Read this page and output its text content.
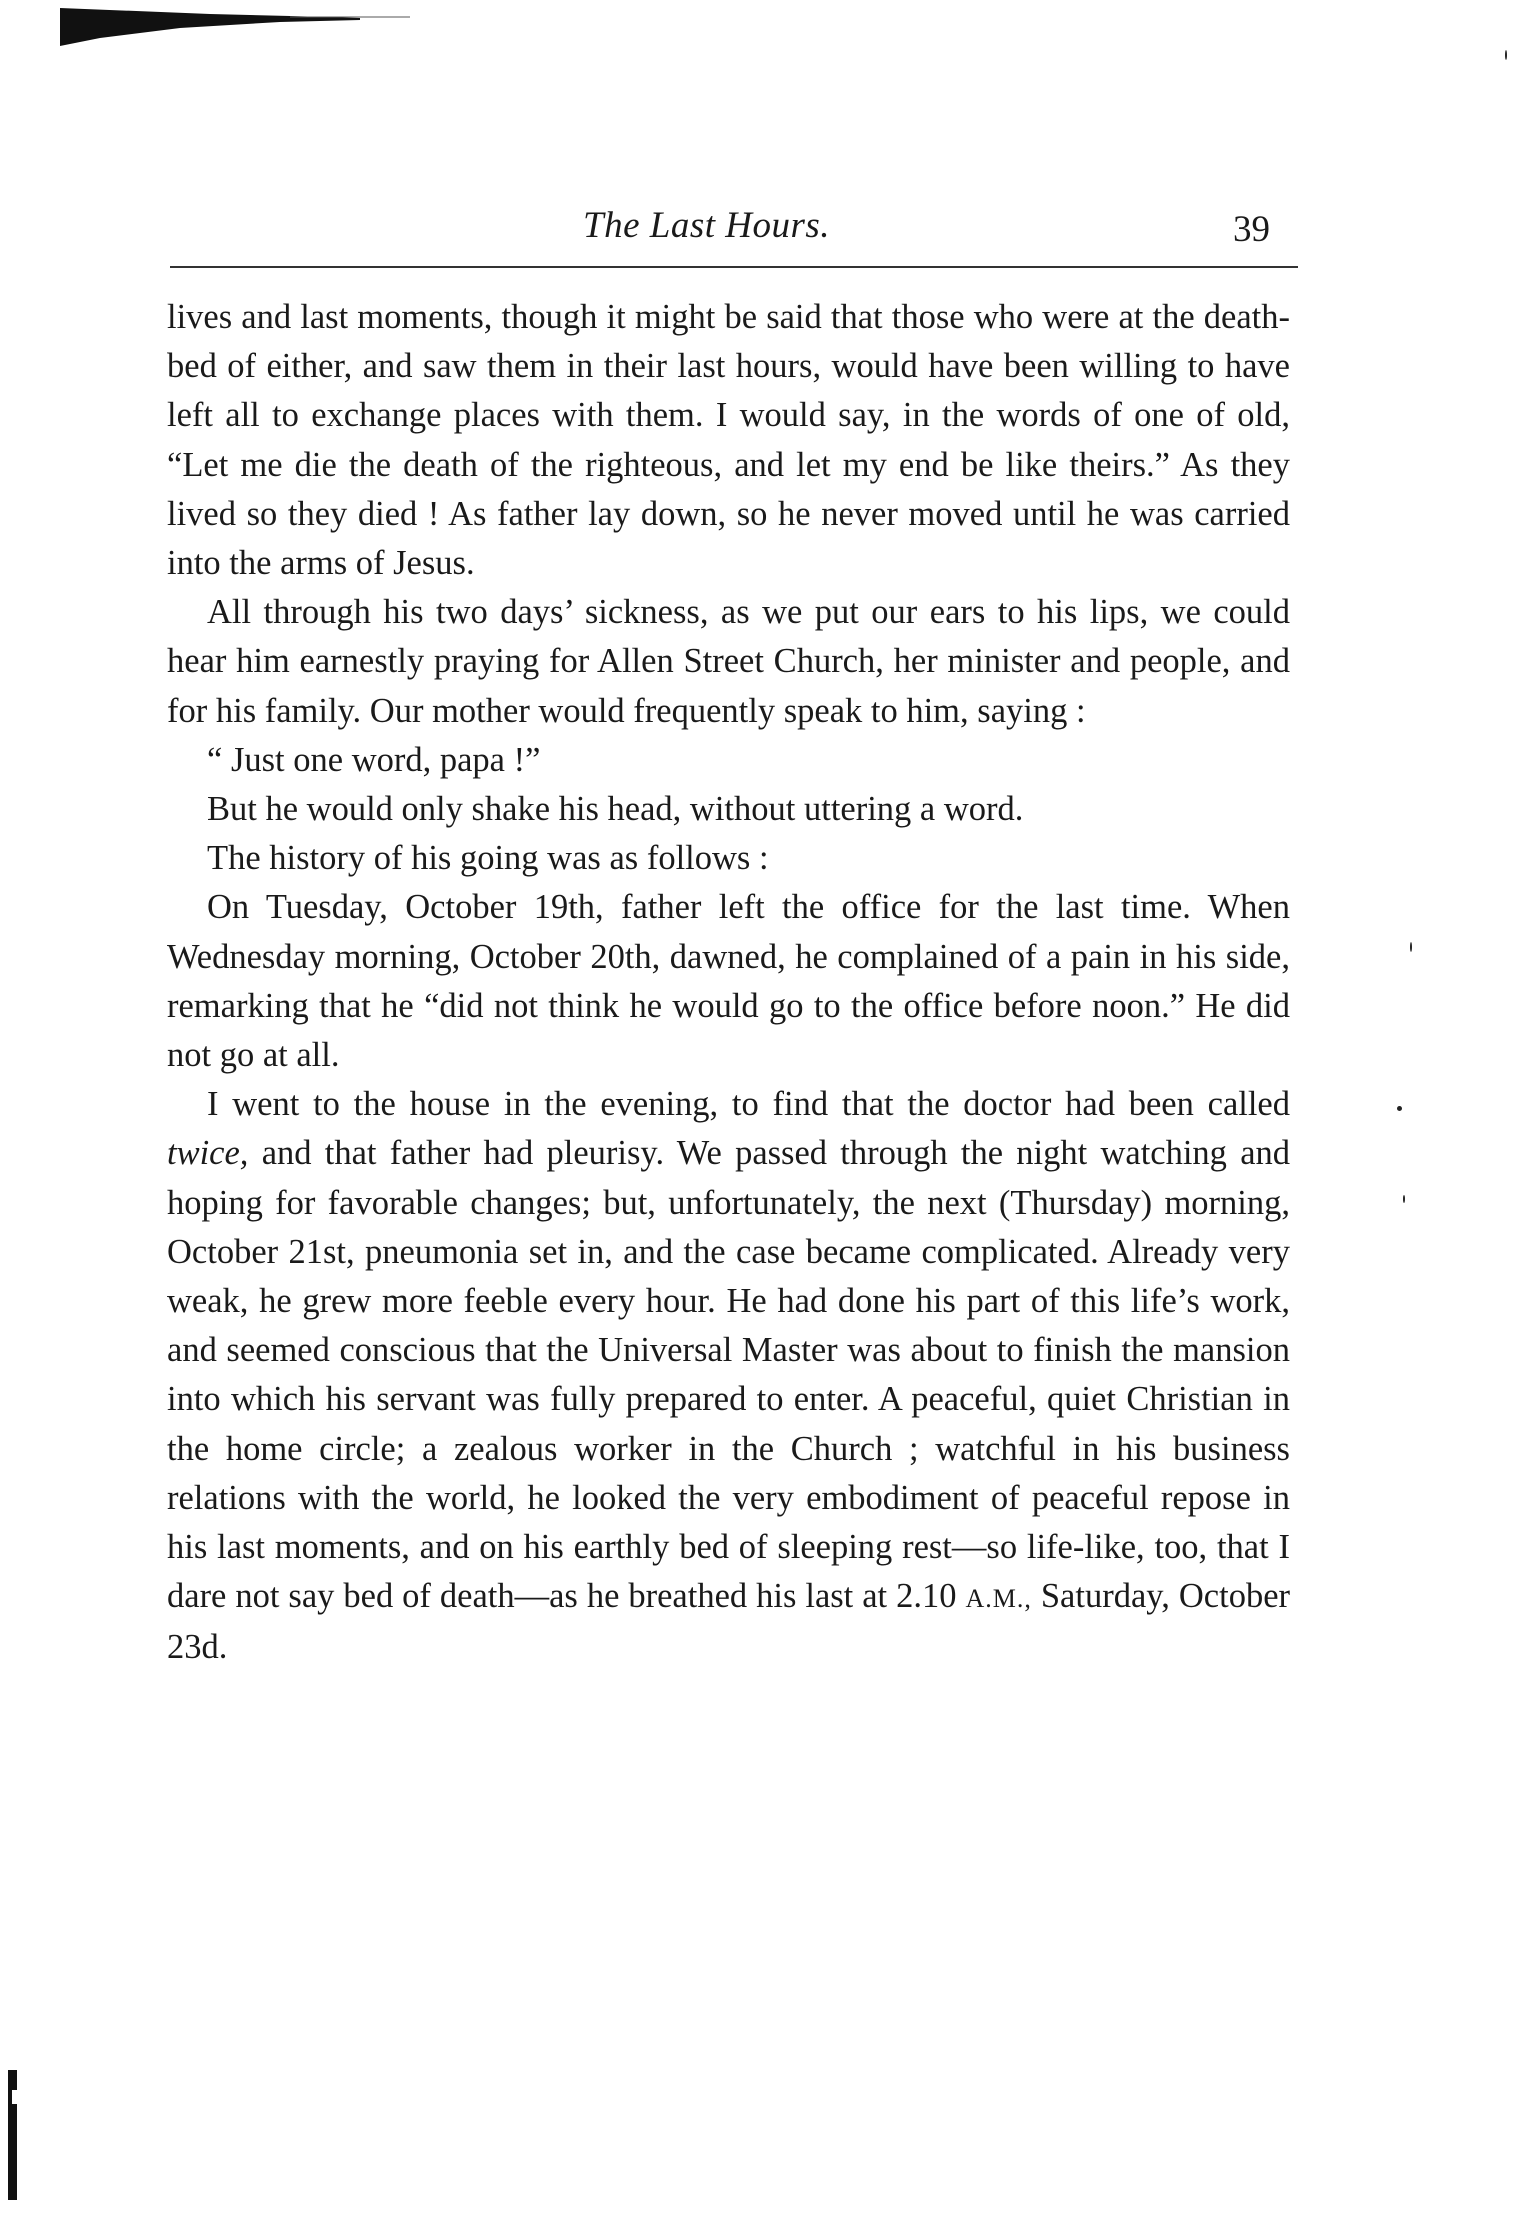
The Last Hours.	39

lives and last moments, though it might be said that those who were at the death-bed of either, and saw them in their last hours, would have been willing to have left all to exchange places with them. I would say, in the words of one of old, “Let me die the death of the righteous, and let my end be like theirs.” As they lived so they died ! As father lay down, so he never moved until he was carried into the arms of Jesus.

All through his two days’ sickness, as we put our ears to his lips, we could hear him earnestly praying for Allen Street Church, her minister and people, and for his family. Our mother would frequently speak to him, saying :

“ Just one word, papa !”

But he would only shake his head, without uttering a word.

The history of his going was as follows :

On Tuesday, October 19th, father left the office for the last time. When Wednesday morning, October 20th, dawned, he complained of a pain in his side, remarking that he “did not think he would go to the office before noon.” He did not go at all.

I went to the house in the evening, to find that the doctor had been called twice, and that father had pleurisy. We passed through the night watching and hoping for favorable changes; but, unfortunately, the next (Thursday) morning, October 21st, pneumonia set in, and the case became complicated. Already very weak, he grew more feeble every hour. He had done his part of this life’s work, and seemed conscious that the Universal Master was about to finish the mansion into which his servant was fully prepared to enter. A peaceful, quiet Christian in the home circle; a zealous worker in the Church ; watchful in his business relations with the world, he looked the very embodiment of peaceful repose in his last moments, and on his earthly bed of sleeping rest—so life-like, too, that I dare not say bed of death—as he breathed his last at 2.10 A.M., Saturday, October 23d.
